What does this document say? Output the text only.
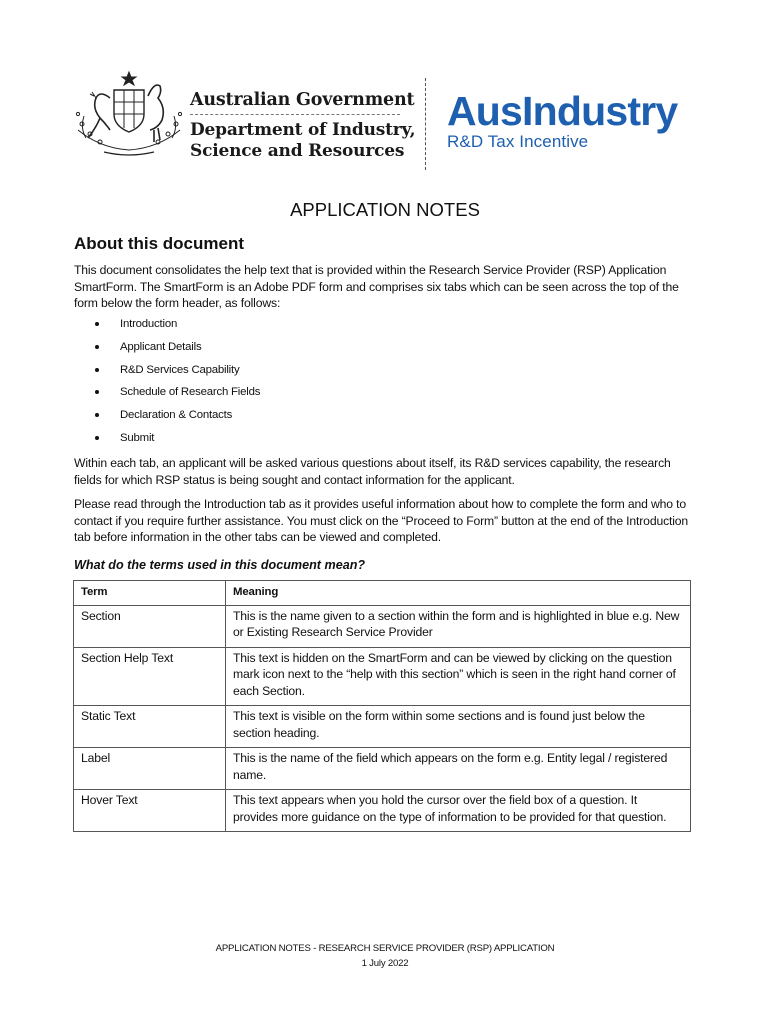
Australian Government
Department of Industry,
Science and Resources
AusIndustry
R&D Tax Incentive
APPLICATION NOTES
About this document
This document consolidates the help text that is provided within the Research Service Provider (RSP) Application SmartForm. The SmartForm is an Adobe PDF form and comprises six tabs which can be seen across the top of the form below the form header, as follows:
Introduction
Applicant Details
R&D Services Capability
Schedule of Research Fields
Declaration & Contacts
Submit
Within each tab, an applicant will be asked various questions about itself, its R&D services capability, the research fields for which RSP status is being sought and contact information for the applicant.
Please read through the Introduction tab as it provides useful information about how to complete the form and who to contact if you require further assistance. You must click on the “Proceed to Form” button at the end of the Introduction tab before information in the other tabs can be viewed and completed.
What do the terms used in this document mean?
Term	Meaning
Section	This is the name given to a section within the form and is highlighted in blue e.g. New or Existing Research Service Provider
Section Help Text	This text is hidden on the SmartForm and can be viewed by clicking on the question mark icon next to the “help with this section” which is seen in the right hand corner of each Section.
Static Text	This text is visible on the form within some sections and is found just below the section heading.
Label	This is the name of the field which appears on the form e.g. Entity legal / registered name.
Hover Text	This text appears when you hold the cursor over the field box of a question. It provides more guidance on the type of information to be provided for that question.
APPLICATION NOTES - RESEARCH SERVICE PROVIDER (RSP) APPLICATION
1 July 2022
